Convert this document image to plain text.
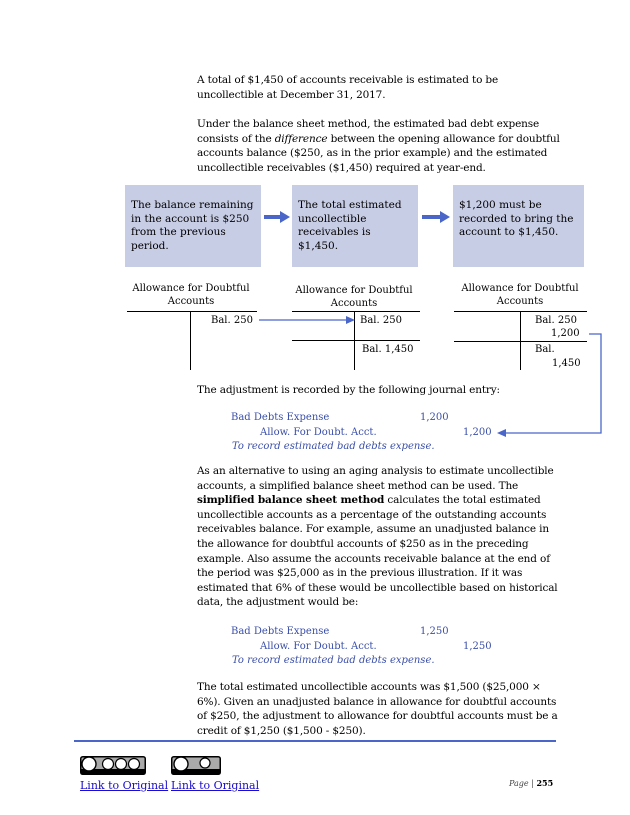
A total of $1,450 of accounts receivable is estimated to be uncollectible at December 31, 2017.

Under the balance sheet method, the estimated bad debt expense consists of the difference between the opening allowance for doubtful accounts balance ($250, as in the prior example) and the estimated uncollectible receivables ($1,450) required at year-end.

The balance remaining in the account is $250 from the previous period.
The total estimated uncollectible receivables is $1,450.
$1,200 must be recorded to bring the account to $1,450.
Allowance for Doubtful Accounts
Bal. 250
Allowance for Doubtful Accounts
Bal. 250
Bal. 1,450
Allowance for Doubtful Accounts
Bal. 250
1,200
Bal.
1,450

The adjustment is recorded by the following journal entry:

Bad Debts Expense	1,200
Allow. For Doubt. Acct.	1,200
To record estimated bad debts expense.

As an alternative to using an aging analysis to estimate uncollectible accounts, a simplified balance sheet method can be used. The simplified balance sheet method calculates the total estimated uncollectible accounts as a percentage of the outstanding accounts receivables balance. For example, assume an unadjusted balance in the allowance for doubtful accounts of $250 as in the preceding example. Also assume the accounts receivable balance at the end of the period was $25,000 as in the previous illustration. If it was estimated that 6% of these would be uncollectible based on historical data, the adjustment would be:

Bad Debts Expense	1,250
Allow. For Doubt. Acct.	1,250
To record estimated bad debts expense.

The total estimated uncollectible accounts was $1,500 ($25,000 × 6%). Given an unadjusted balance in allowance for doubtful accounts of $250, the adjustment to allowance for doubtful accounts must be a credit of $1,250 ($1,500 - $250).

Link to Original Link to Original	Page | 255
